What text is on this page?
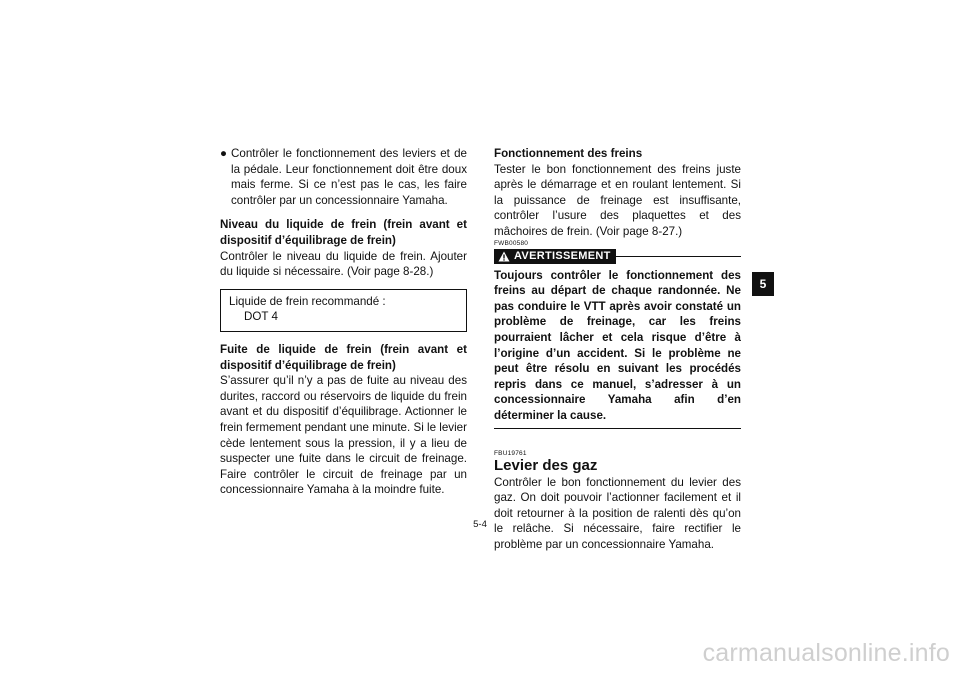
● Contrôler le fonctionnement des leviers et de la pédale. Leur fonctionnement doit être doux mais ferme. Si ce n’est pas le cas, les faire contrôler par un concessionnaire Yamaha.

Niveau du liquide de frein (frein avant et dispositif d’équilibrage de frein)

Contrôler le niveau du liquide de frein. Ajouter du liquide si nécessaire. (Voir page 8-28.)

Liquide de frein recommandé :
DOT 4

Fuite de liquide de frein (frein avant et dispositif d’équilibrage de frein)

S’assurer qu’il n’y a pas de fuite au niveau des durites, raccord ou réservoirs de liquide du frein avant et du dispositif d’équilibrage. Actionner le frein fermement pendant une minute. Si le levier cède lentement sous la pression, il y a lieu de suspecter une fuite dans le circuit de freinage. Faire contrôler le circuit de freinage par un concessionnaire Yamaha à la moindre fuite.

Fonctionnement des freins

Tester le bon fonctionnement des freins juste après le démarrage et en roulant lentement. Si la puissance de freinage est insuffisante, contrôler l’usure des plaquettes et des mâchoires de frein. (Voir page 8-27.)

FWB00580
AVERTISSEMENT

Toujours contrôler le fonctionnement des freins au départ de chaque randonnée. Ne pas conduire le VTT après avoir constaté un problème de freinage, car les freins pourraient lâcher et cela risque d’être à l’origine d’un accident. Si le problème ne peut être résolu en suivant les procédés repris dans ce manuel, s’adresser à un concessionnaire Yamaha afin d’en déterminer la cause.

FBU19761
Levier des gaz

Contrôler le bon fonctionnement du levier des gaz. On doit pouvoir l’actionner facilement et il doit retourner à la position de ralenti dès qu’on le relâche. Si nécessaire, faire rectifier le problème par un concessionnaire Yamaha.

5
5-4
carmanualsonline.info
